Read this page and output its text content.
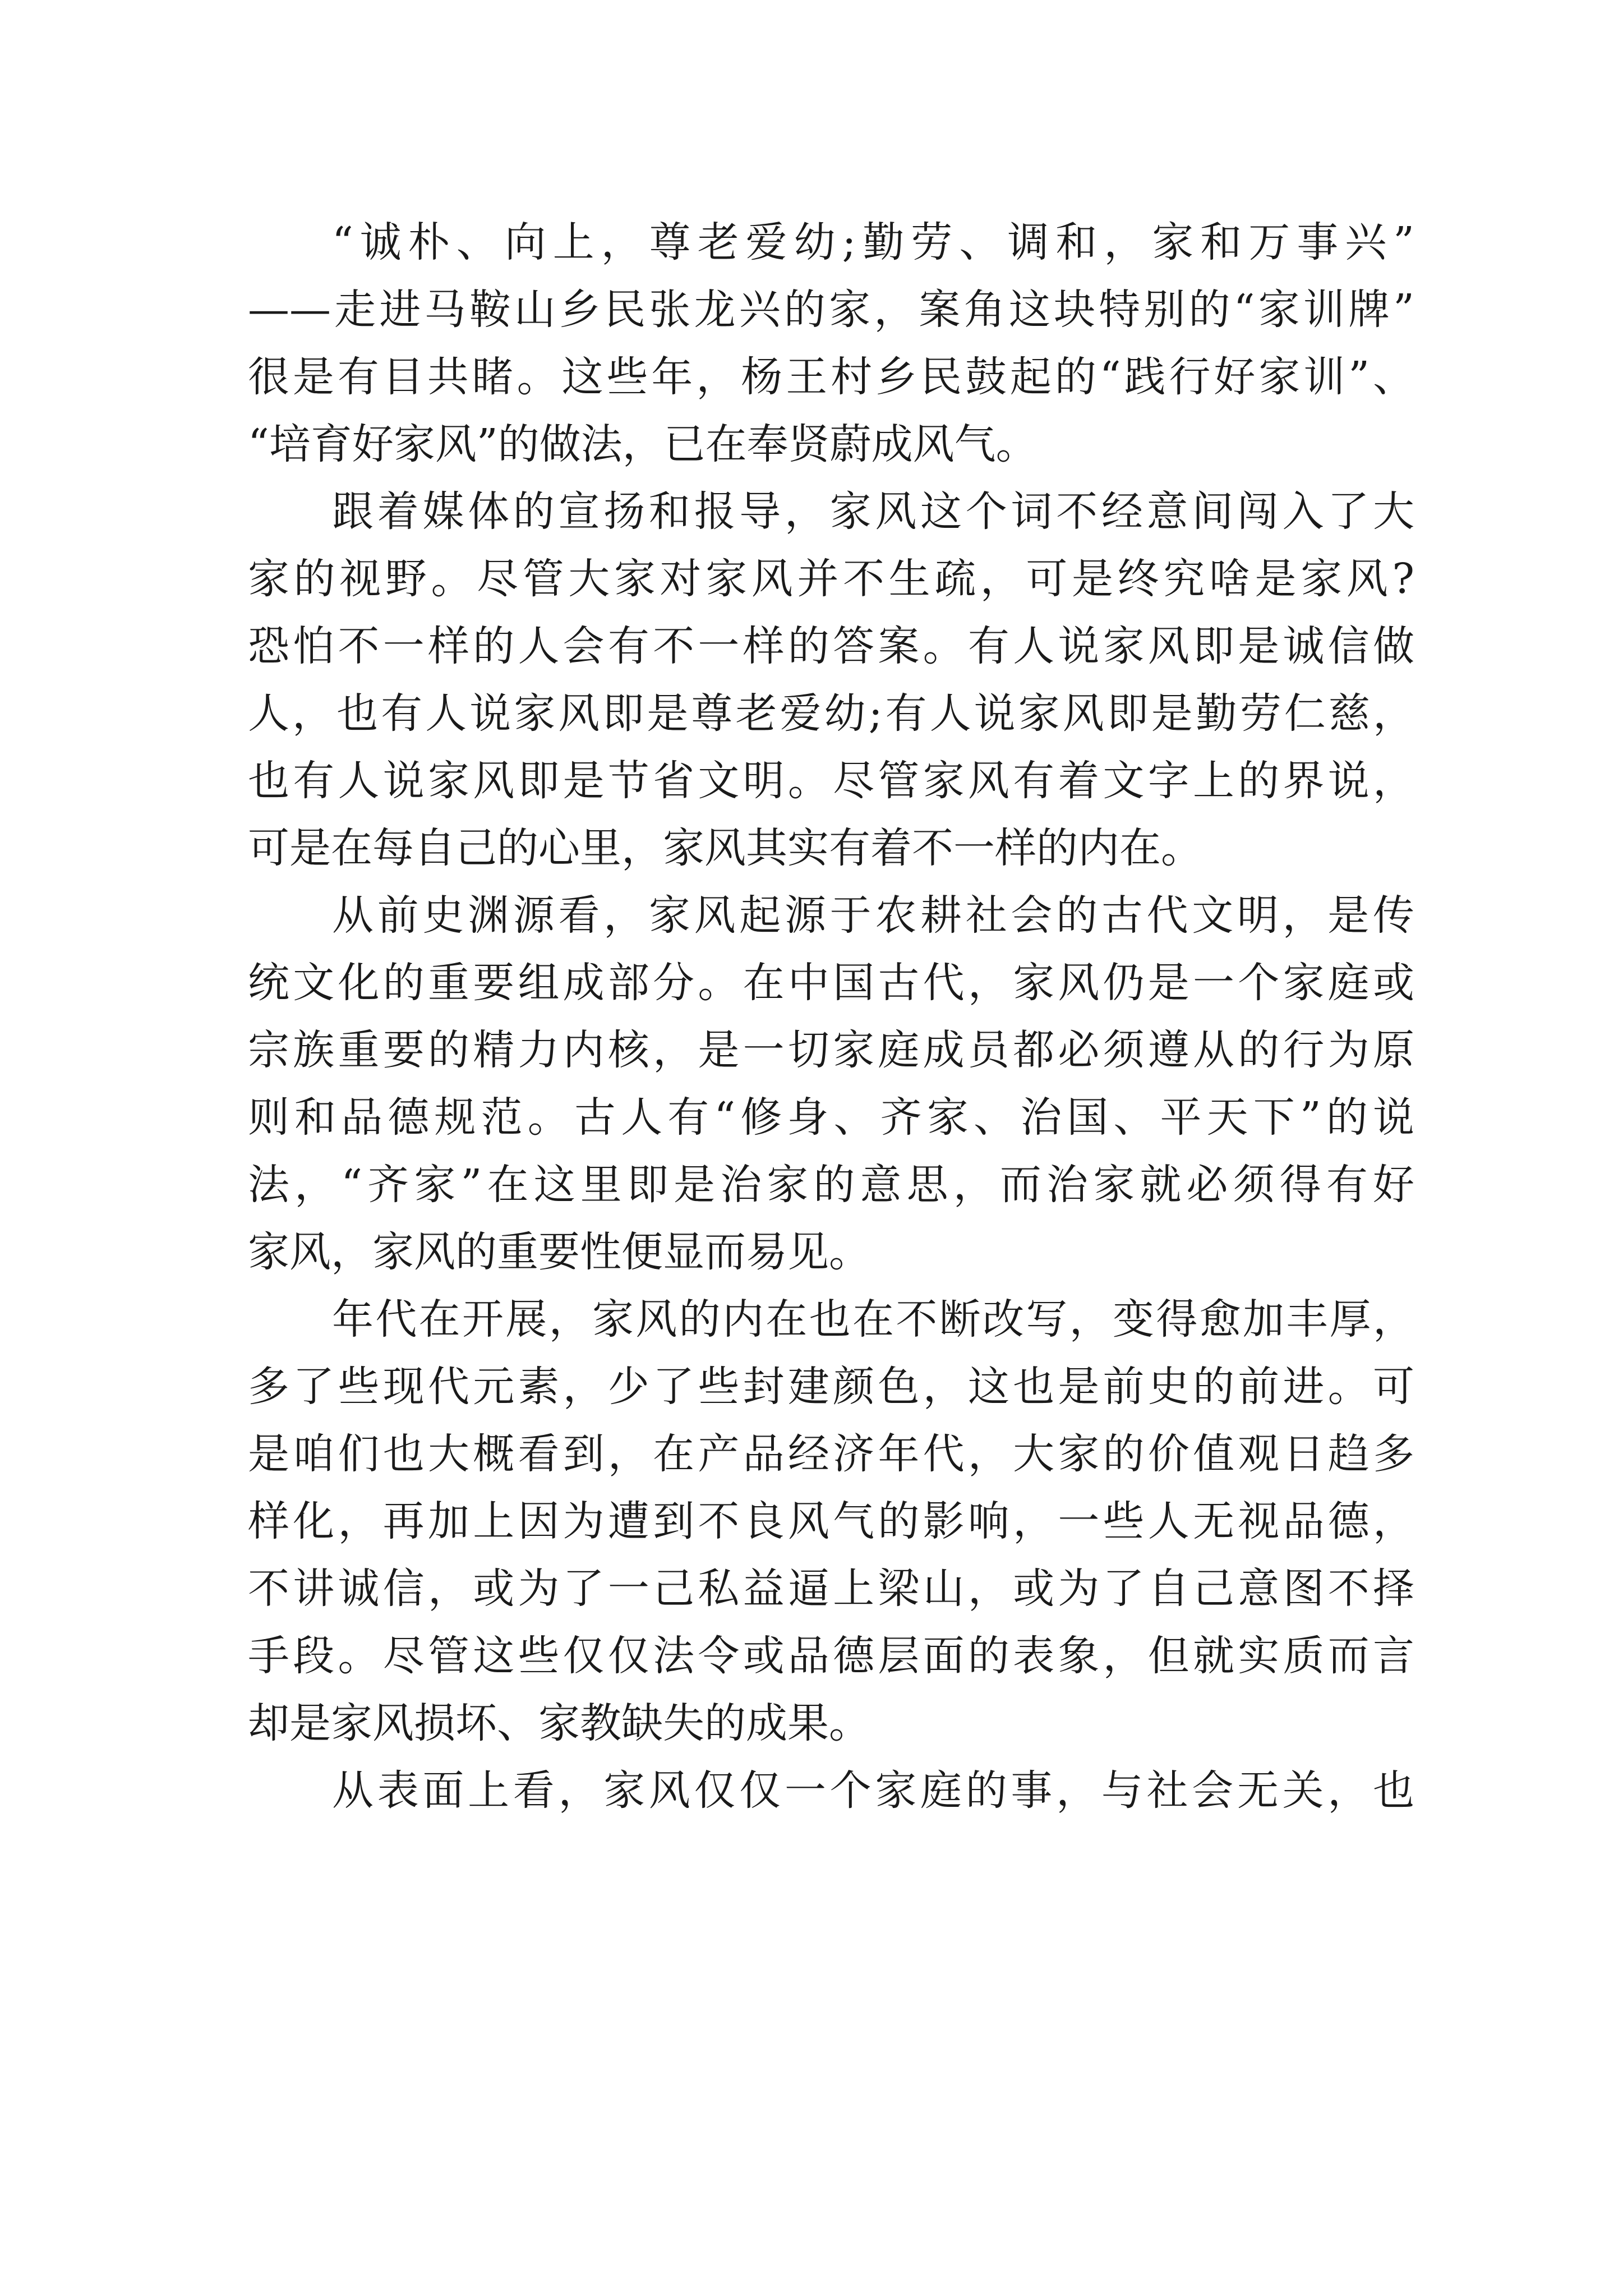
“诚朴、向上，尊老爱幼;勤劳、调和，家和万事兴”
——走进马鞍山乡民张龙兴的家，案角这块特别的“家训牌”
很是有目共睹。这些年，杨王村乡民鼓起的“践行好家训”、
“培育好家风”的做法，已在奉贤蔚成风气。
跟着媒体的宣扬和报导，家风这个词不经意间闯入了大
家的视野。尽管大家对家风并不生疏，可是终究啥是家风?
恐怕不一样的人会有不一样的答案。有人说家风即是诚信做
人，也有人说家风即是尊老爱幼;有人说家风即是勤劳仁慈，
也有人说家风即是节省文明。尽管家风有着文字上的界说，
可是在每自己的心里，家风其实有着不一样的内在。
从前史渊源看，家风起源于农耕社会的古代文明，是传
统文化的重要组成部分。在中国古代，家风仍是一个家庭或
宗族重要的精力内核，是一切家庭成员都必须遵从的行为原
则和品德规范。古人有“修身、齐家、治国、平天下”的说
法，“齐家”在这里即是治家的意思，而治家就必须得有好
家风，家风的重要性便显而易见。
年代在开展，家风的内在也在不断改写，变得愈加丰厚，
多了些现代元素，少了些封建颜色，这也是前史的前进。可
是咱们也大概看到，在产品经济年代，大家的价值观日趋多
样化，再加上因为遭到不良风气的影响，一些人无视品德，
不讲诚信，或为了一己私益逼上梁山，或为了自己意图不择
手段。尽管这些仅仅法令或品德层面的表象，但就实质而言
却是家风损坏、家教缺失的成果。
从表面上看，家风仅仅一个家庭的事，与社会无关，也
